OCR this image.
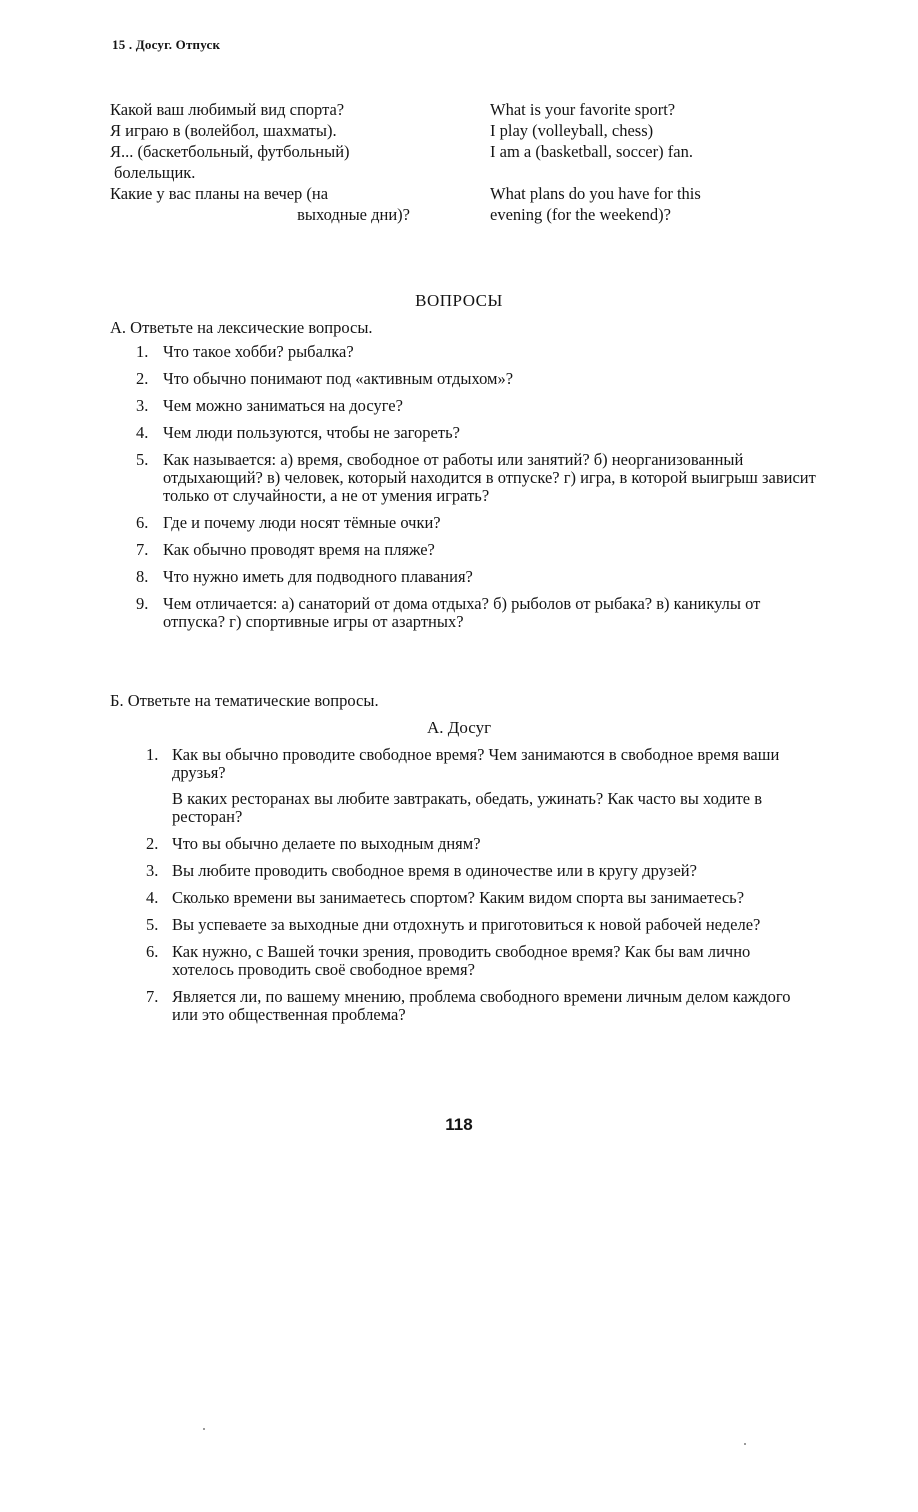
15 . Досуг. Отпуск
Какой ваш любимый вид спорта?	What is your favorite sport?
Я играю в (волейбол, шахматы).	I play (volleyball, chess)
Я... (баскетбольный, футбольный)
болельщик.
I am a (basketball, soccer) fan.
Какие у вас планы на вечер (на
выходные дни)?
What plans do you have for this
evening (for the weekend)?
ВОПРОСЫ
А. Ответьте на лексические вопросы.
1. Что такое хобби? рыбалка?
2. Что обычно понимают под «активным отдыхом»?
3. Чем можно заниматься на досуге?
4. Чем люди пользуются, чтобы не загореть?
5. Как называется: а) время, свободное от работы или занятий? б) неорганизованный отдыхающий? в) человек, который находится в отпуске? г) игра, в которой выигрыш зависит только от случайности, а не от умения играть?
6. Где и почему люди носят тёмные очки?
7. Как обычно проводят время на пляже?
8. Что нужно иметь для подводного плавания?
9. Чем отличается: а) санаторий от дома отдыха? б) рыболов от рыбака? в) каникулы от отпуска? г) спортивные игры от азартных?
Б. Ответьте на тематические вопросы.
А. Досуг
1. Как вы обычно проводите свободное время? Чем занимаются в свободное время ваши друзья?
В каких ресторанах вы любите завтракать, обедать, ужинать? Как часто вы ходите в ресторан?
2. Что вы обычно делаете по выходным дням?
3. Вы любите проводить свободное время в одиночестве или в кругу друзей?
4. Сколько времени вы занимаетесь спортом? Каким видом спорта вы занимаетесь?
5. Вы успеваете за выходные дни отдохнуть и приготовиться к новой рабочей неделе?
6. Как нужно, с Вашей точки зрения, проводить свободное время? Как бы вам лично хотелось проводить своё свободное время?
7. Является ли, по вашему мнению, проблема свободного времени личным делом каждого или это общественная проблема?
118
